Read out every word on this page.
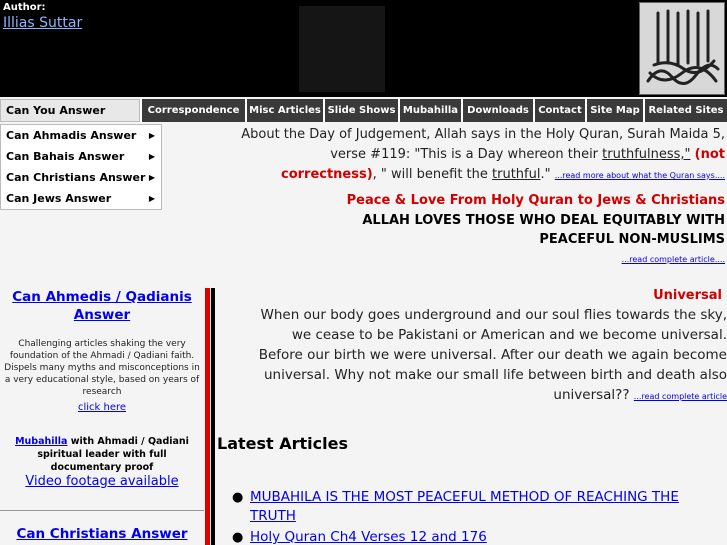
Author:
Illias Suttar
Can You Answer	Correspondence Misc Articles Slide Shows Mubahilla Downloads Contact Site Map Related Sites
Can Ahmadis Answer ▶
Can Bahais Answer	▶
Can Christians Answer ▶
Can Jews Answer	▶
About the Day of Judgement, Allah says in the Holy Quran, Surah Maida 5, verse #119: "This is a Day whereon their truthfulness," (not correctness), " will benefit the truthful." ...read more about what the Quran says....
Peace & Love From Holy Quran to Jews & Christians
ALLAH LOVES THOSE WHO DEAL EQUITABLY WITH PEACEFUL NON-MUSLIMS
...read complete article....
Universal
When our body goes underground and our soul flies towards the sky, we cease to be Pakistani or American and we become universal. Before our birth we were universal. After our death we again become universal. Why not make our small life between birth and death also universal?? ...read complete article
Latest Articles
● MUBAHILA IS THE MOST PEACEFUL METHOD OF REACHING THE TRUTH
● Holy Quran Ch4 Verses 12 and 176
Can Ahmedis / Qadianis Answer
Challenging articles shaking the very foundation of the Ahmadi / Qadiani faith. Dispels many myths and misconceptions in a very educational style, based on years of research
click here
Mubahilla with Ahmadi / Qadiani spiritual leader with full documentary proof
Video footage available
Can Christians Answer
